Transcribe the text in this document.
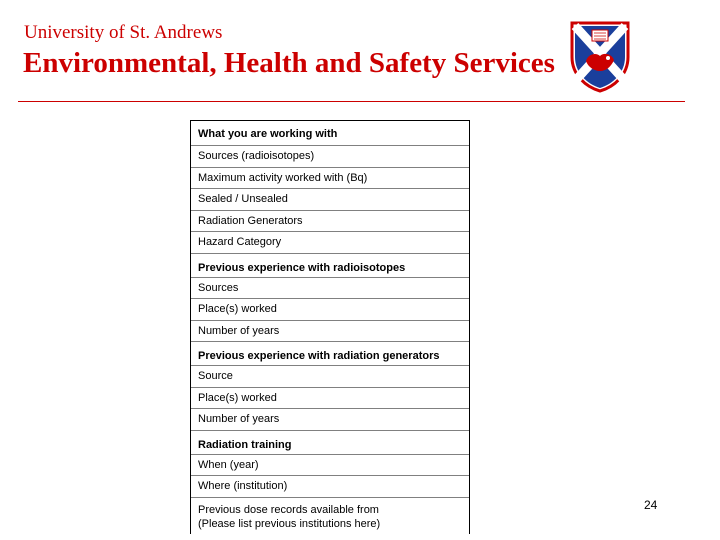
University of St. Andrews
Environmental, Health and Safety Services
What you are working with
Sources (radioisotopes)
Maximum activity worked with (Bq)
Sealed / Unsealed
Radiation Generators
Hazard Category
Previous experience with radioisotopes
Sources
Place(s) worked
Number of years
Previous experience with radiation generators
Source
Place(s) worked
Number of years
Radiation training
When (year)
Where (institution)
Previous dose records available from
(Please list previous institutions here)
24
